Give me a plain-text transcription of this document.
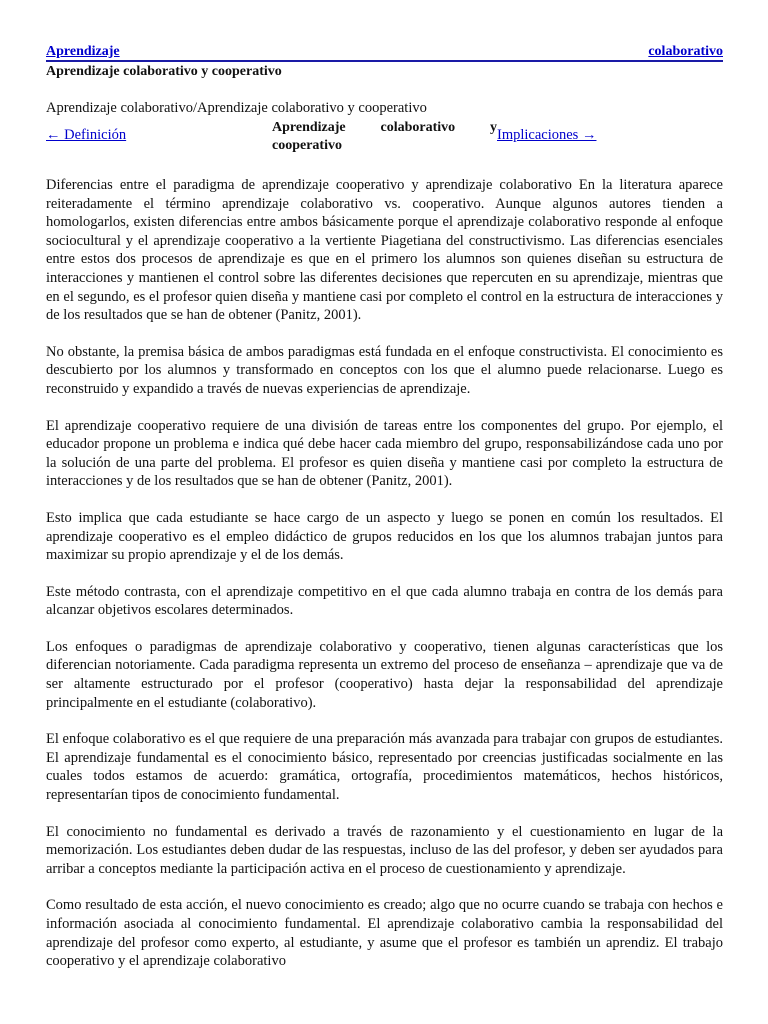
Aprendizaje	colaborativo
Aprendizaje colaborativo y cooperativo
Aprendizaje colaborativo/Aprendizaje colaborativo y cooperativo
← Definición	Aprendizaje colaborativo y
cooperativo
Implicaciones →

Diferencias entre el paradigma de aprendizaje cooperativo y aprendizaje colaborativo En la literatura aparece reiteradamente el término aprendizaje colaborativo vs. cooperativo. Aunque algunos autores tienden a homologarlos, existen diferencias entre ambos básicamente porque el aprendizaje colaborativo responde al enfoque sociocultural y el aprendizaje cooperativo a la vertiente Piagetiana del constructivismo. Las diferencias esenciales entre estos dos procesos de aprendizaje es que en el primero los alumnos son quienes diseñan su estructura de interacciones y mantienen el control sobre las diferentes decisiones que repercuten en su aprendizaje, mientras que en el segundo, es el profesor quien diseña y mantiene casi por completo el control en la estructura de interacciones y de los resultados que se han de obtener (Panitz, 2001).

No obstante, la premisa básica de ambos paradigmas está fundada en el enfoque constructivista. El conocimiento es descubierto por los alumnos y transformado en conceptos con los que el alumno puede relacionarse. Luego es reconstruido y expandido a través de nuevas experiencias de aprendizaje.

El aprendizaje cooperativo requiere de una división de tareas entre los componentes del grupo. Por ejemplo, el educador propone un problema e indica qué debe hacer cada miembro del grupo, responsabilizándose cada uno por la solución de una parte del problema. El profesor es quien diseña y mantiene casi por completo la estructura de interacciones y de los resultados que se han de obtener (Panitz, 2001).

Esto implica que cada estudiante se hace cargo de un aspecto y luego se ponen en común los resultados. El aprendizaje cooperativo es el empleo didáctico de grupos reducidos en los que los alumnos trabajan juntos para maximizar su propio aprendizaje y el de los demás.

Este método contrasta, con el aprendizaje competitivo en el que cada alumno trabaja en contra de los demás para alcanzar objetivos escolares determinados.

Los enfoques o paradigmas de aprendizaje colaborativo y cooperativo, tienen algunas características que los diferencian notoriamente. Cada paradigma representa un extremo del proceso de enseñanza – aprendizaje que va de ser altamente estructurado por el profesor (cooperativo) hasta dejar la responsabilidad del aprendizaje principalmente en el estudiante (colaborativo).

El enfoque colaborativo es el que requiere de una preparación más avanzada para trabajar con grupos de estudiantes. El aprendizaje fundamental es el conocimiento básico, representado por creencias justificadas socialmente en las cuales todos estamos de acuerdo: gramática, ortografía, procedimientos matemáticos, hechos históricos, representarían tipos de conocimiento fundamental.

El conocimiento no fundamental es derivado a través de razonamiento y el cuestionamiento en lugar de la memorización. Los estudiantes deben dudar de las respuestas, incluso de las del profesor, y deben ser ayudados para arribar a conceptos mediante la participación activa en el proceso de cuestionamiento y aprendizaje.

Como resultado de esta acción, el nuevo conocimiento es creado; algo que no ocurre cuando se trabaja con hechos e información asociada al conocimiento fundamental. El aprendizaje colaborativo cambia la responsabilidad del aprendizaje del profesor como experto, al estudiante, y asume que el profesor es también un aprendiz. El trabajo cooperativo y el aprendizaje colaborativo
